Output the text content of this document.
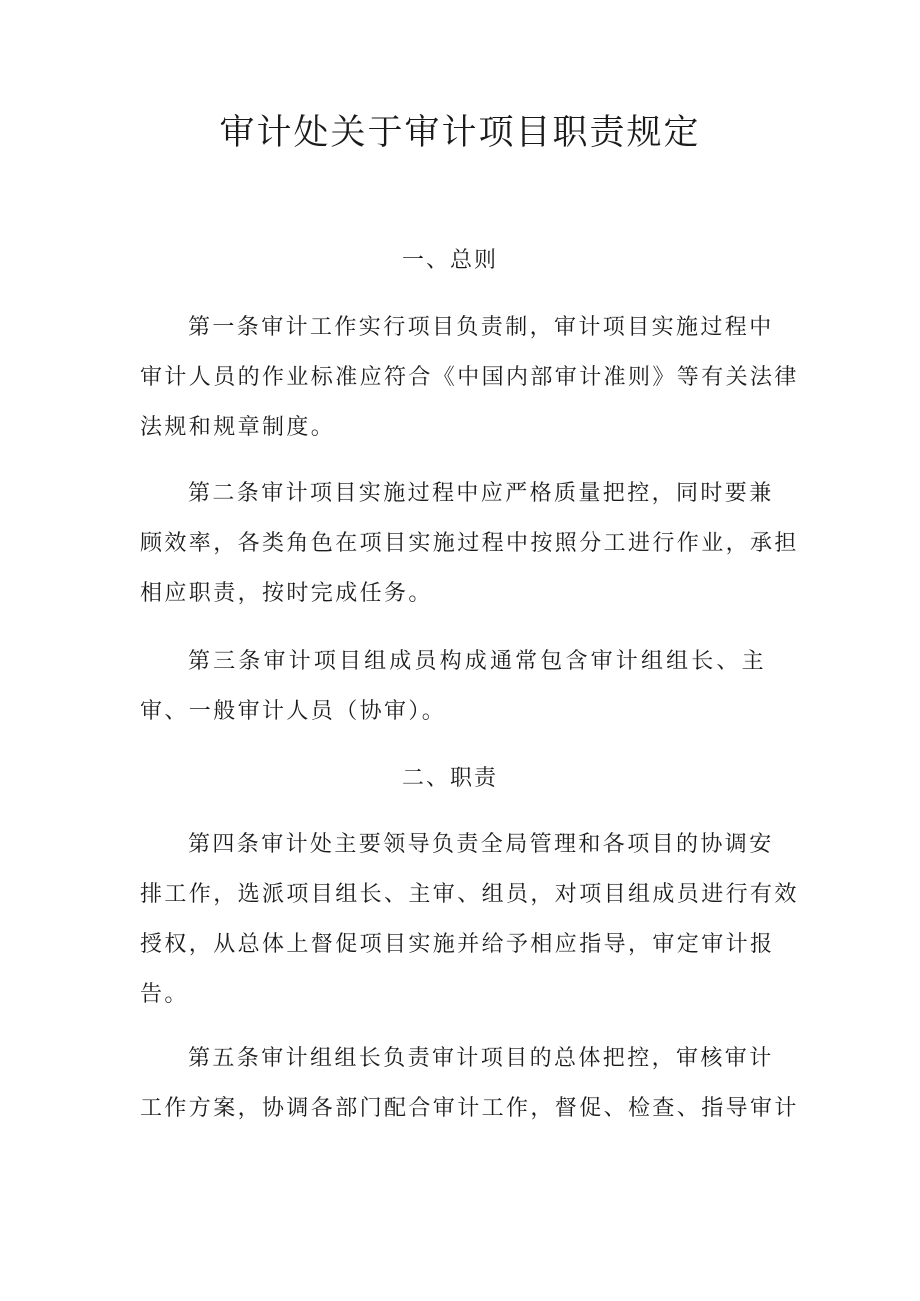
审计处关于审计项目职责规定
一、总则

第一条审计工作实行项目负责制，审计项目实施过程中
审计人员的作业标准应符合《中国内部审计准则》等有关法律
法规和规章制度。

第二条审计项目实施过程中应严格质量把控，同时要兼
顾效率，各类角色在项目实施过程中按照分工进行作业，承担
相应职责，按时完成任务。

第三条审计项目组成员构成通常包含审计组组长、主
审、一般审计人员（协审）。

二、职责

第四条审计处主要领导负责全局管理和各项目的协调安
排工作，选派项目组长、主审、组员，对项目组成员进行有效
授权，从总体上督促项目实施并给予相应指导，审定审计报
告。

第五条审计组组长负责审计项目的总体把控，审核审计
工作方案，协调各部门配合审计工作，督促、检查、指导审计
